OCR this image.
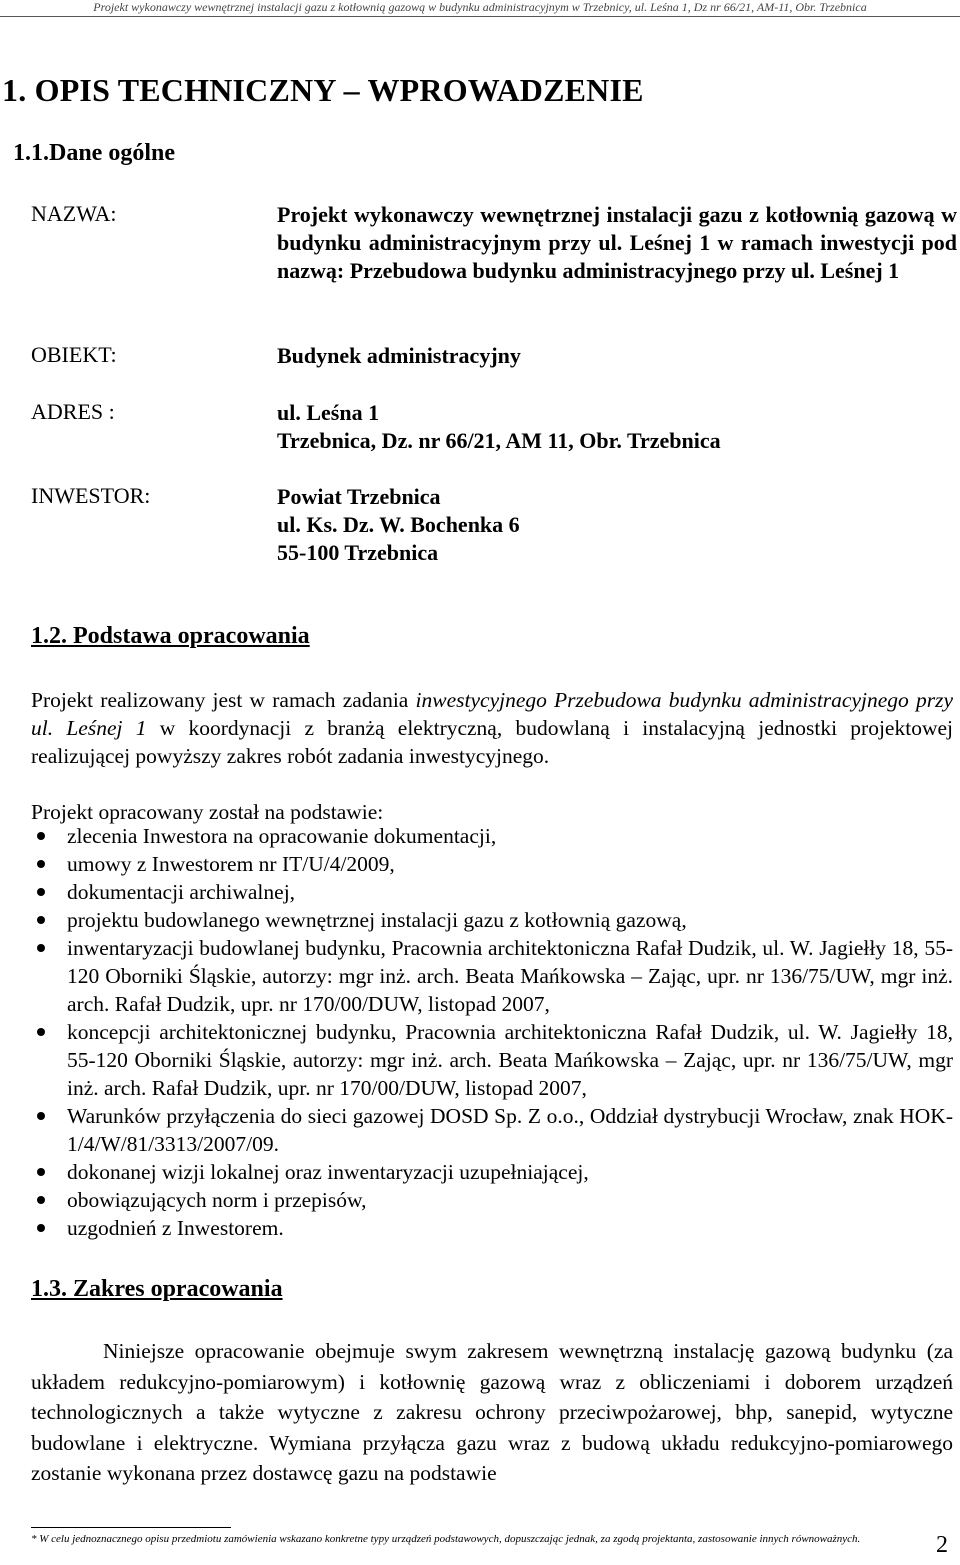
Projekt wykonawczy wewnętrznej instalacji gazu z kotłownią gazową w budynku administracyjnym w Trzebnicy, ul. Leśna 1, Dz nr 66/21, AM-11, Obr. Trzebnica
1. OPIS TECHNICZNY – WPROWADZENIE
1.1.Dane ogólne
NAZWA:	Projekt wykonawczy wewnętrznej instalacji gazu z kotłownią gazową w budynku administracyjnym przy ul. Leśnej 1 w ramach inwestycji pod nazwą: Przebudowa budynku administracyjnego przy ul. Leśnej 1
OBIEKT:	Budynek administracyjny
ADRES :	ul. Leśna 1
Trzebnica, Dz. nr 66/21, AM 11, Obr. Trzebnica
INWESTOR:	Powiat Trzebnica
ul. Ks. Dz. W. Bochenka 6
55-100 Trzebnica
1.2. Podstawa opracowania
Projekt realizowany jest w ramach zadania inwestycyjnego Przebudowa budynku administracyjnego przy ul. Leśnej 1 w koordynacji z branżą elektryczną, budowlaną i instalacyjną jednostki projektowej realizującej powyższy zakres robót zadania inwestycyjnego.
Projekt opracowany został na podstawie:
zlecenia Inwestora na opracowanie dokumentacji,
umowy z Inwestorem nr IT/U/4/2009,
dokumentacji archiwalnej,
projektu budowlanego wewnętrznej instalacji gazu z kotłownią gazową,
inwentaryzacji budowlanej budynku, Pracownia architektoniczna Rafał Dudzik, ul. W. Jagiełły 18, 55-120 Oborniki Śląskie, autorzy: mgr inż. arch. Beata Mańkowska – Zając, upr. nr 136/75/UW, mgr inż. arch. Rafał Dudzik, upr. nr 170/00/DUW, listopad 2007,
koncepcji architektonicznej budynku, Pracownia architektoniczna Rafał Dudzik, ul. W. Jagiełły 18, 55-120 Oborniki Śląskie, autorzy: mgr inż. arch. Beata Mańkowska – Zając, upr. nr 136/75/UW, mgr inż. arch. Rafał Dudzik, upr. nr 170/00/DUW, listopad 2007,
Warunków przyłączenia do sieci gazowej DOSD Sp. Z o.o., Oddział dystrybucji Wrocław, znak HOK-1/4/W/81/3313/2007/09.
dokonanej wizji lokalnej oraz inwentaryzacji uzupełniającej,
obowiązujących norm i przepisów,
uzgodnień z Inwestorem.
1.3. Zakres opracowania
Niniejsze opracowanie obejmuje swym zakresem wewnętrzną instalację gazową budynku (za układem redukcyjno-pomiarowym) i kotłownię gazową wraz z obliczeniami i doborem urządzeń technologicznych a także wytyczne z zakresu ochrony przeciwpożarowej, bhp, sanepid, wytyczne budowlane i elektryczne. Wymiana przyłącza gazu wraz z budową układu redukcyjno-pomiarowego zostanie wykonana przez dostawcę gazu na podstawie
* W celu jednoznacznego opisu przedmiotu zamówienia wskazano konkretne typy urządzeń podstawowych, dopuszczając jednak, za zgodą projektanta, zastosowanie innych równoważnych.	2
